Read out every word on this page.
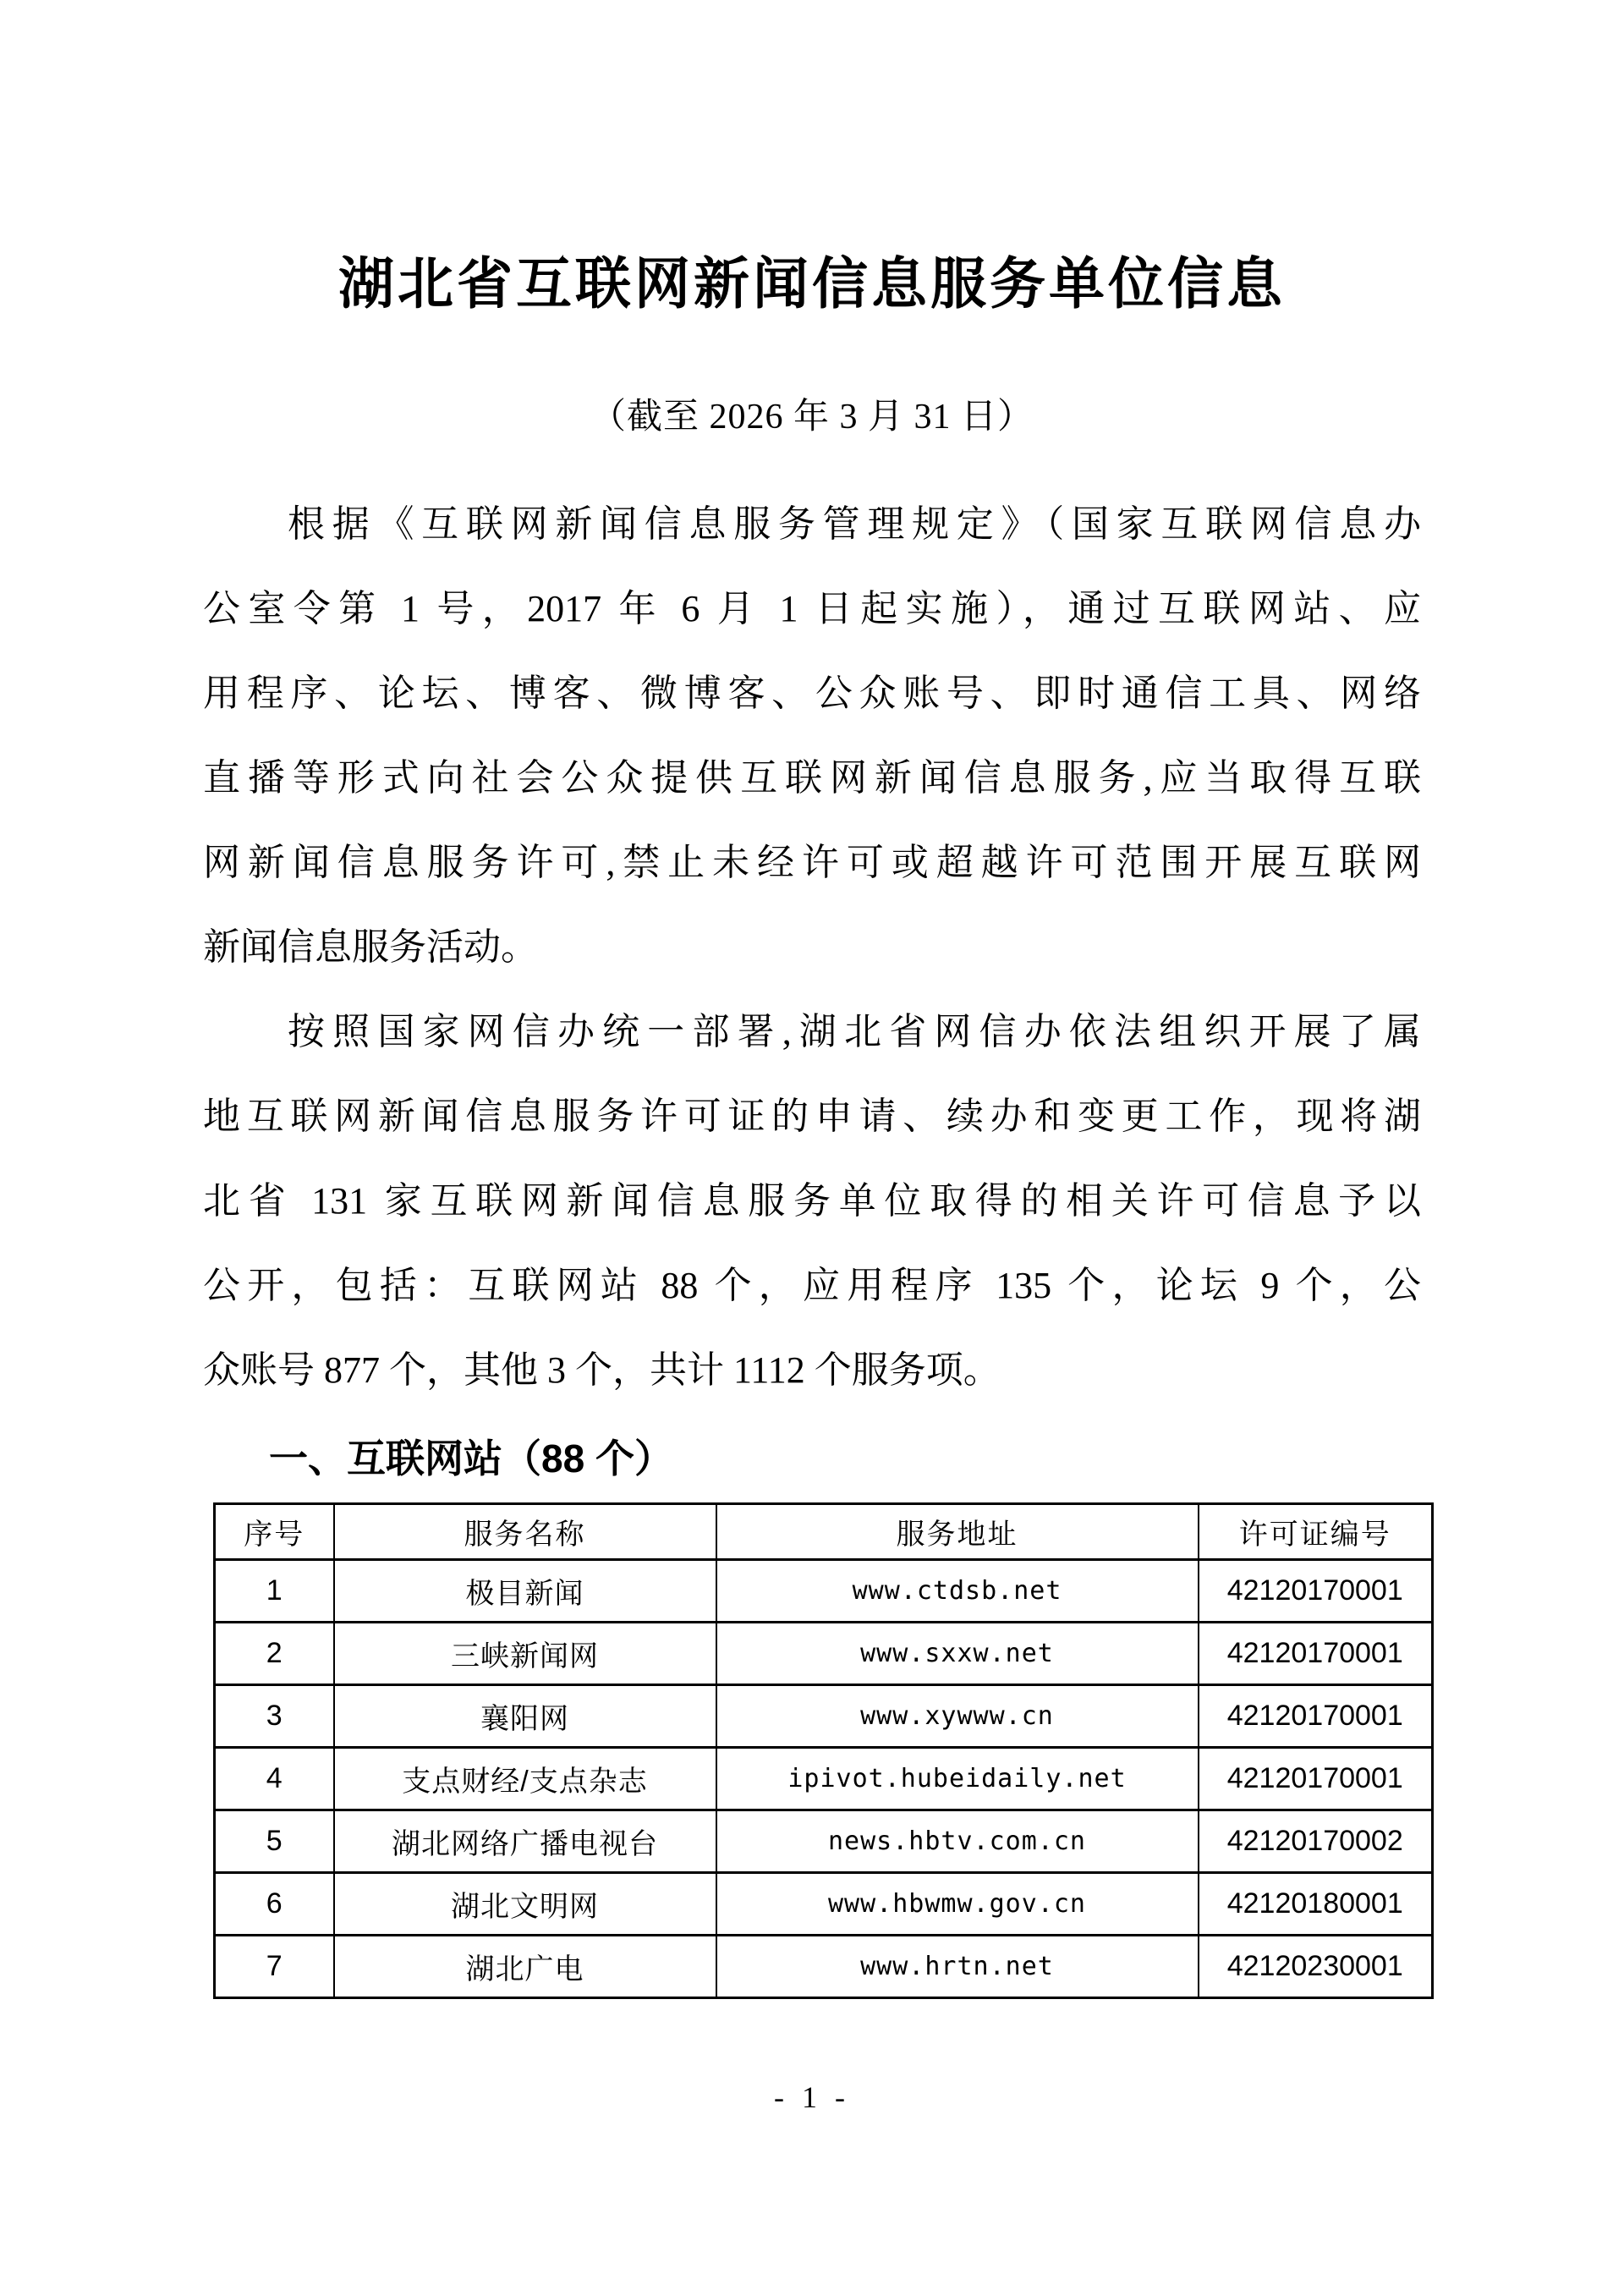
湖北省互联网新闻信息服务单位信息
（截至 2026 年 3 月 31 日）
根据《互联网新闻信息服务管理规定》（国家互联网信息办
公室令第 1 号，2017 年 6 月 1 日起实施），通过互联网站、应
用程序、论坛、博客、微博客、公众账号、即时通信工具、网络
直播等形式向社会公众提供互联网新闻信息服务,应当取得互联
网新闻信息服务许可,禁止未经许可或超越许可范围开展互联网
新闻信息服务活动。
按照国家网信办统一部署,湖北省网信办依法组织开展了属
地互联网新闻信息服务许可证的申请、续办和变更工作，现将湖
北省 131 家互联网新闻信息服务单位取得的相关许可信息予以
公开，包括：互联网站 88 个，应用程序 135 个，论坛 9 个，公
众账号 877 个，其他 3 个，共计 1112 个服务项。
一、互联网站（88 个）
序号	服务名称	服务地址	许可证编号
1	极目新闻	www.ctdsb.net	42120170001
2	三峡新闻网	www.sxxw.net	42120170001
3	襄阳网	www.xywww.cn	42120170001
4	支点财经/支点杂志	ipivot.hubeidaily.net	42120170001
5	湖北网络广播电视台	news.hbtv.com.cn	42120170002
6	湖北文明网	www.hbwmw.gov.cn	42120180001
7	湖北广电	www.hrtn.net	42120230001
- 1 -
